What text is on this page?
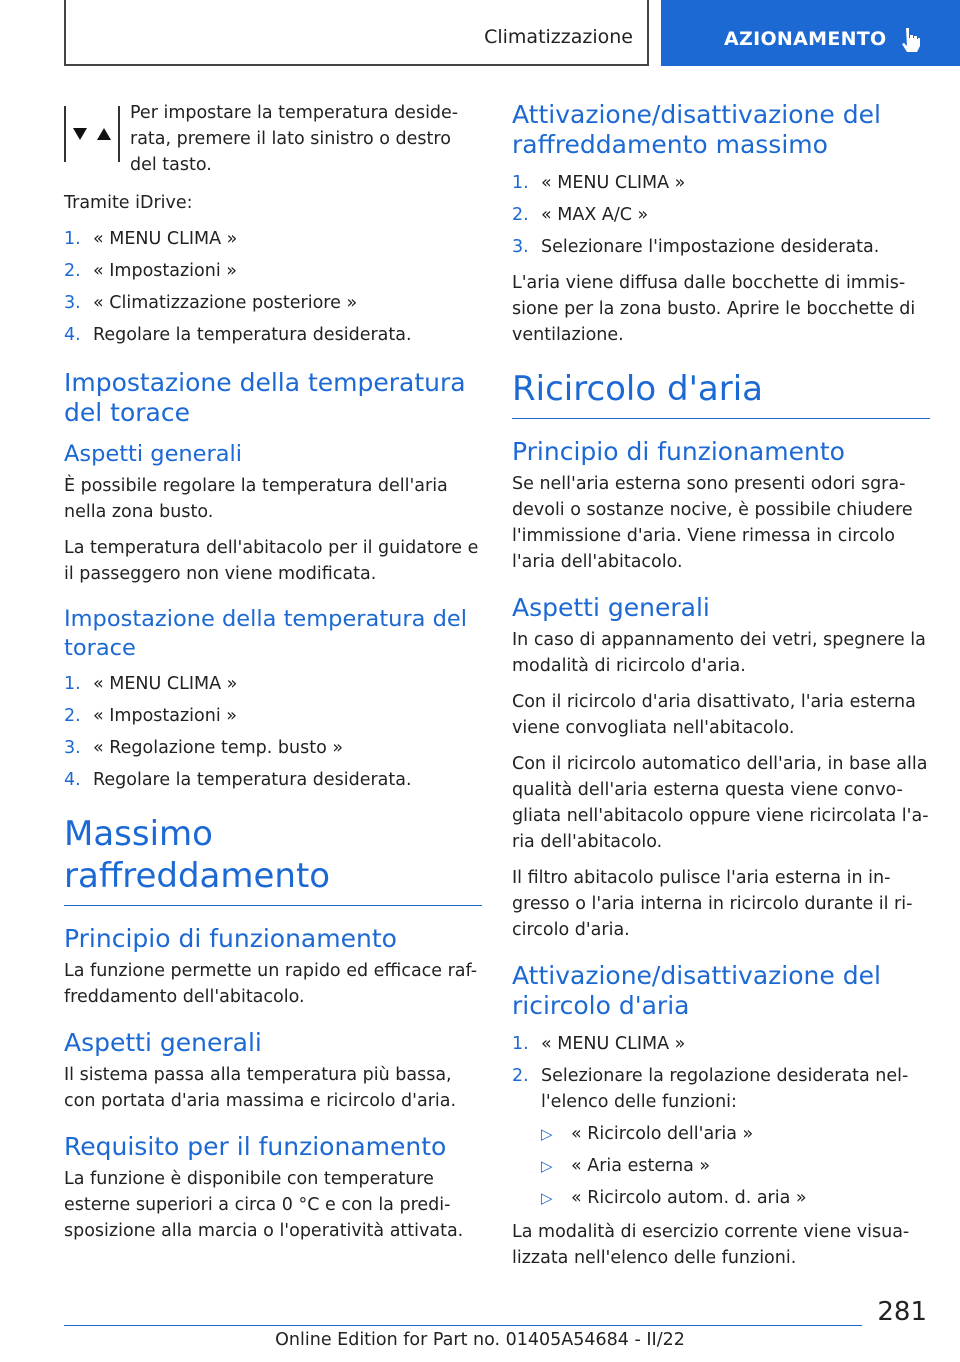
Climatizzazione	AZIONAMENTO

Per impostare la temperatura deside-rata, premere il lato sinistro o destro del tasto.

Tramite iDrive:

1. « MENU CLIMA »
2. « Impostazioni »
3. « Climatizzazione posteriore »
4. Regolare la temperatura desiderata.
Impostazione della temperatura del torace
Aspetti generali

È possibile regolare la temperatura dell'aria nella zona busto.

La temperatura dell'abitacolo per il guidatore e il passeggero non viene modificata.

Impostazione della temperatura del torace
1. « MENU CLIMA »
2. « Impostazioni »
3. « Regolazione temp. busto »
4. Regolare la temperatura desiderata.
Massimo raffreddamento
Principio di funzionamento

La funzione permette un rapido ed efficace raf-freddamento dell'abitacolo.

Aspetti generali

Il sistema passa alla temperatura più bassa, con portata d'aria massima e ricircolo d'aria.

Requisito per il funzionamento

La funzione è disponibile con temperature esterne superiori a circa 0 °C e con la predi-sposizione alla marcia o l'operatività attivata.

Attivazione/disattivazione del raffreddamento massimo
1. « MENU CLIMA »
2. « MAX A/C »
3. Selezionare l'impostazione desiderata.

L'aria viene diffusa dalle bocchette di immis-sione per la zona busto. Aprire le bocchette di ventilazione.

Ricircolo d'aria
Principio di funzionamento

Se nell'aria esterna sono presenti odori sgra-devoli o sostanze nocive, è possibile chiudere l'immissione d'aria. Viene rimessa in circolo l'aria dell'abitacolo.

Aspetti generali

In caso di appannamento dei vetri, spegnere la modalità di ricircolo d'aria.

Con il ricircolo d'aria disattivato, l'aria esterna viene convogliata nell'abitacolo.

Con il ricircolo automatico dell'aria, in base alla qualità dell'aria esterna questa viene convo-gliata nell'abitacolo oppure viene ricircolata l'a-ria dell'abitacolo.

Il filtro abitacolo pulisce l'aria esterna in in-gresso o l'aria interna in ricircolo durante il ri-circolo d'aria.

Attivazione/disattivazione del ricircolo d'aria
1. « MENU CLIMA »
2. Selezionare la regolazione desiderata nel-l'elenco delle funzioni:
▷ « Ricircolo dell'aria »
▷ « Aria esterna »
▷ « Ricircolo autom. d. aria »

La modalità di esercizio corrente viene visua-lizzata nell'elenco delle funzioni.

281
Online Edition for Part no. 01405A54684 - II/22
